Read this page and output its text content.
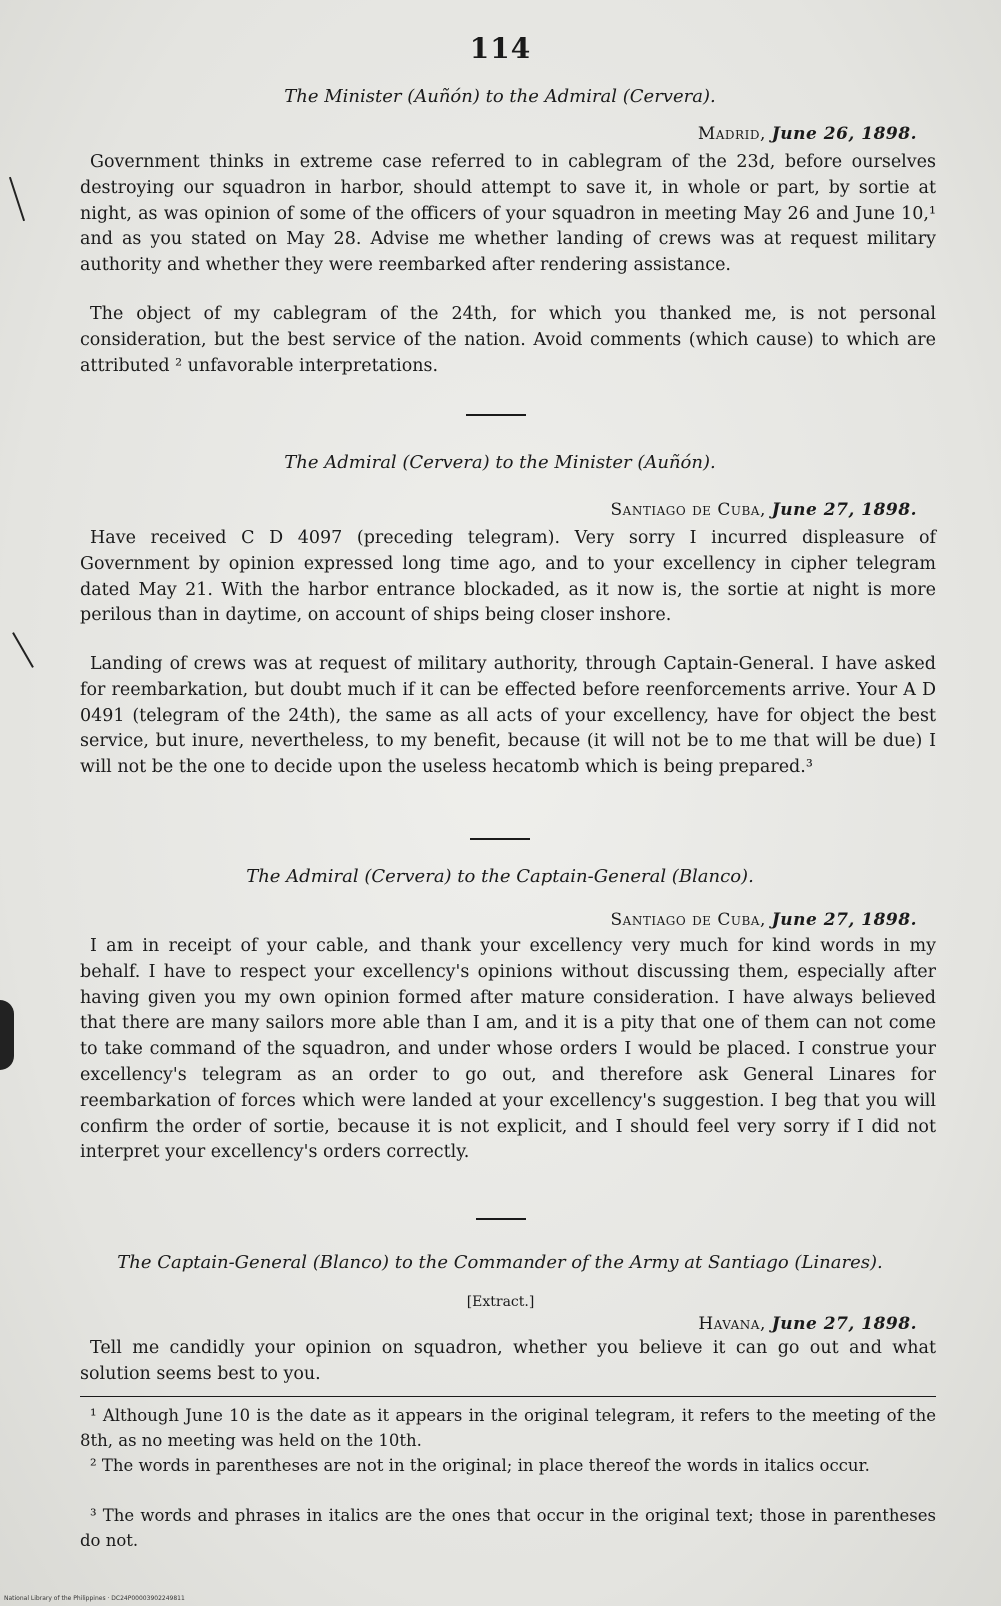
114
The Minister (Auñón) to the Admiral (Cervera).
Madrid, June 26, 1898.

Government thinks in extreme case referred to in cablegram of the 23d, before ourselves destroying our squadron in harbor, should attempt to save it, in whole or part, by sortie at night, as was opinion of some of the officers of your squadron in meeting May 26 and June 10,¹ and as you stated on May 28. Advise me whether landing of crews was at request military authority and whether they were reembarked after rendering assistance.

The object of my cablegram of the 24th, for which you thanked me, is not personal consideration, but the best service of the nation. Avoid comments (which cause) to which are attributed ² unfavorable interpretations.

The Admiral (Cervera) to the Minister (Auñón).
Santiago de Cuba, June 27, 1898.

Have received C D 4097 (preceding telegram). Very sorry I incurred displeasure of Government by opinion expressed long time ago, and to your excellency in cipher telegram dated May 21. With the harbor entrance blockaded, as it now is, the sortie at night is more perilous than in daytime, on account of ships being closer inshore.

Landing of crews was at request of military authority, through Captain-General. I have asked for reembarkation, but doubt much if it can be effected before reenforcements arrive. Your A D 0491 (telegram of the 24th), the same as all acts of your excellency, have for object the best service, but inure, nevertheless, to my benefit, because (it will not be to me that will be due) I will not be the one to decide upon the useless hecatomb which is being prepared.³

The Admiral (Cervera) to the Captain-General (Blanco).
Santiago de Cuba, June 27, 1898.

I am in receipt of your cable, and thank your excellency very much for kind words in my behalf. I have to respect your excellency's opinions without discussing them, especially after having given you my own opinion formed after mature consideration. I have always believed that there are many sailors more able than I am, and it is a pity that one of them can not come to take command of the squadron, and under whose orders I would be placed. I construe your excellency's telegram as an order to go out, and therefore ask General Linares for reembarkation of forces which were landed at your excellency's suggestion. I beg that you will confirm the order of sortie, because it is not explicit, and I should feel very sorry if I did not interpret your excellency's orders correctly.

The Captain-General (Blanco) to the Commander of the Army at Santiago (Linares).
[Extract.]
Havana, June 27, 1898.

Tell me candidly your opinion on squadron, whether you believe it can go out and what solution seems best to you.

¹ Although June 10 is the date as it appears in the original telegram, it refers to the meeting of the 8th, as no meeting was held on the 10th.

² The words in parentheses are not in the original; in place thereof the words in italics occur.

³ The words and phrases in italics are the ones that occur in the original text; those in parentheses do not.

National Library of the Philippines · DC24P00003902249811
